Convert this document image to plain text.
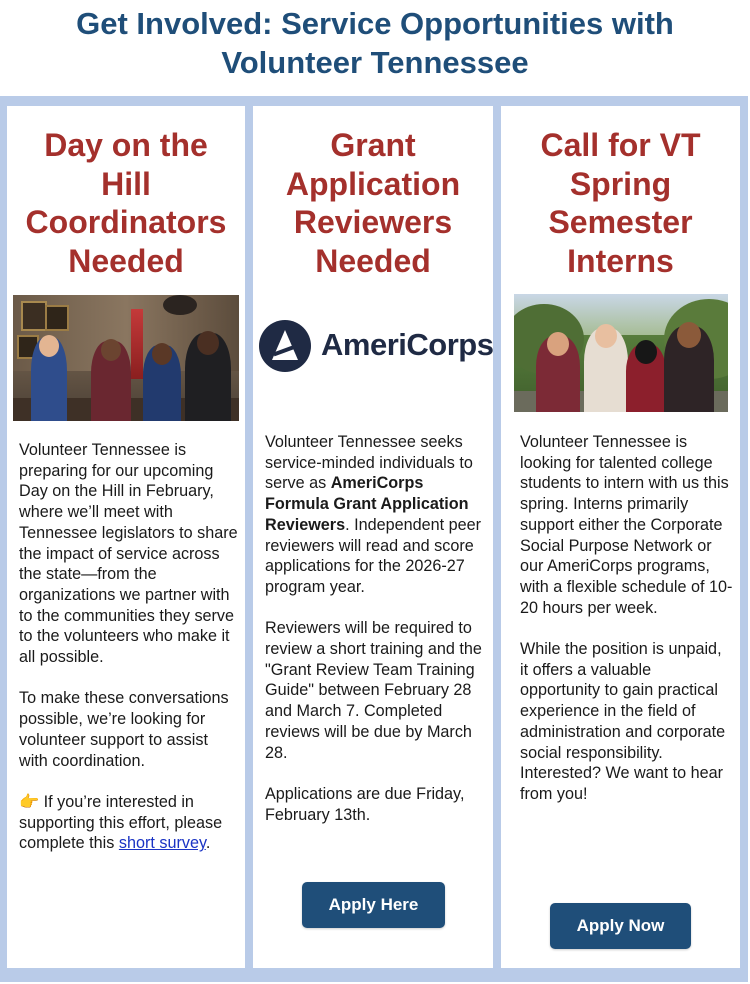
Get Involved: Service Opportunities with Volunteer Tennessee
Day on the Hill Coordinators Needed

Volunteer Tennessee is preparing for our upcoming Day on the Hill in February, where we’ll meet with Tennessee legislators to share the impact of service across the state—from the organizations we partner with to the communities they serve to the volunteers who make it all possible.

To make these conversations possible, we’re looking for volunteer support to assist with coordination.

👉 If you’re interested in supporting this effort, please complete this short survey.

Grant Application Reviewers Needed
AmeriCorps

Volunteer Tennessee seeks service-minded individuals to serve as AmeriCorps Formula Grant Application Reviewers. Independent peer reviewers will read and score applications for the 2026-27 program year.

Reviewers will be required to review a short training and the "Grant Review Team Training Guide" between February 28 and March 7. Completed reviews will be due by March 28.

Applications are due Friday, February 13th.

Apply Here
Call for VT Spring Semester Interns

Volunteer Tennessee is looking for talented college students to intern with us this spring. Interns primarily support either the Corporate Social Purpose Network or our AmeriCorps programs, with a flexible schedule of 10-20 hours per week.

While the position is unpaid, it offers a valuable opportunity to gain practical experience in the field of administration and corporate social responsibility. Interested? We want to hear from you!

Apply Now
